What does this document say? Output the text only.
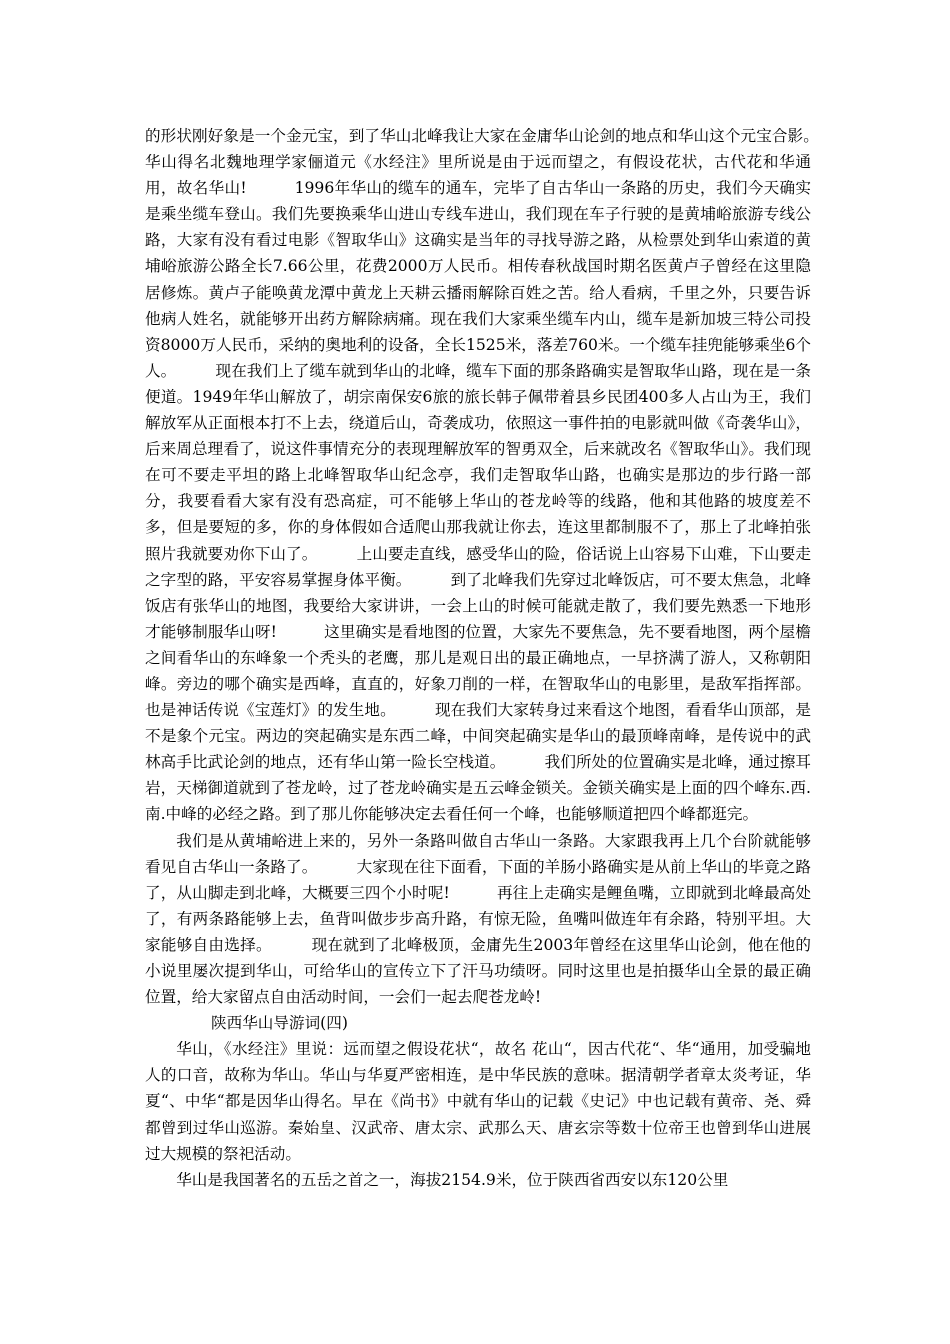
的形状刚好象是一个金元宝，到了华山北峰我让大家在金庸华山论剑的地点和华山这个元宝合影。　　　华山得名北魏地理学家俪道元《水经注》里所说是由于远而望之，有假设花状，古代花和华通用，故名华山!　　　1996年华山的缆车的通车，完毕了自古华山一条路的历史，我们今天确实是乘坐缆车登山。我们先要换乘华山进山专线车进山，我们现在车子行驶的是黄埔峪旅游专线公路，大家有没有看过电影《智取华山》这确实是当年的寻找导游之路，从检票处到华山索道的黄埔峪旅游公路全长7.66公里，花费2000万人民币。相传春秋战国时期名医黄卢子曾经在这里隐居修炼。黄卢子能唤黄龙潭中黄龙上天耕云播雨解除百姓之苦。给人看病，千里之外，只要告诉他病人姓名，就能够开出药方解除病痛。现在我们大家乘坐缆车内山，缆车是新加坡三特公司投资8000万人民币，采纳的奥地利的设备，全长1525米，落差760米。一个缆车挂兜能够乘坐6个人。　　　现在我们上了缆车就到华山的北峰，缆车下面的那条路确实是智取华山路，现在是一条便道。1949年华山解放了，胡宗南保安6旅的旅长韩子佩带着县乡民团400多人占山为王，我们解放军从正面根本打不上去，绕道后山，奇袭成功，依照这一事件拍的电影就叫做《奇袭华山》，后来周总理看了，说这件事情充分的表现理解放军的智勇双全，后来就改名《智取华山》。我们现在可不要走平坦的路上北峰智取华山纪念亭，我们走智取华山路，也确实是那边的步行路一部分，我要看看大家有没有恐高症，可不能够上华山的苍龙岭等的线路，他和其他路的坡度差不多，但是要短的多，你的身体假如合适爬山那我就让你去，连这里都制服不了，那上了北峰拍张照片我就要劝你下山了。　　　上山要走直线，感受华山的险，俗话说上山容易下山难，下山要走之字型的路，平安容易掌握身体平衡。　　　到了北峰我们先穿过北峰饭店，可不要太焦急，北峰饭店有张华山的地图，我要给大家讲讲，一会上山的时候可能就走散了，我们要先熟悉一下地形才能够制服华山呀!　　　这里确实是看地图的位置，大家先不要焦急，先不要看地图，两个屋檐之间看华山的东峰象一个秃头的老鹰，那儿是观日出的最正确地点，一早挤满了游人，又称朝阳峰。旁边的哪个确实是西峰，直直的，好象刀削的一样，在智取华山的电影里，是敌军指挥部。也是神话传说《宝莲灯》的发生地。　　　现在我们大家转身过来看这个地图，看看华山顶部，是不是象个元宝。两边的突起确实是东西二峰，中间突起确实是华山的最顶峰南峰，是传说中的武林高手比武论剑的地点，还有华山第一险长空栈道。　　　我们所处的位置确实是北峰，通过擦耳岩，天梯御道就到了苍龙岭，过了苍龙岭确实是五云峰金锁关。金锁关确实是上面的四个峰东.西.南.中峰的必经之路。到了那儿你能够决定去看任何一个峰，也能够顺道把四个峰都逛完。

我们是从黄埔峪进上来的，另外一条路叫做自古华山一条路。大家跟我再上几个台阶就能够看见自古华山一条路了。　　　大家现在往下面看，下面的羊肠小路确实是从前上华山的毕竟之路了，从山脚走到北峰，大概要三四个小时呢!　　　再往上走确实是鲤鱼嘴，立即就到北峰最高处了，有两条路能够上去，鱼背叫做步步高升路，有惊无险，鱼嘴叫做连年有余路，特别平坦。大家能够自由选择。　　　现在就到了北峰极顶，金庸先生2003年曾经在这里华山论剑，他在他的小说里屡次提到华山，可给华山的宣传立下了汗马功绩呀。同时这里也是拍摄华山全景的最正确位置，给大家留点自由活动时间，一会们一起去爬苍龙岭!

陕西华山导游词(四)

华山，《水经注》里说：远而望之假设花状“，故名 花山“，因古代花“、华“通用，加受骗地人的口音，故称为华山。华山与华夏严密相连，是中华民族的意味。据清朝学者章太炎考证，华夏“、中华“都是因华山得名。早在《尚书》中就有华山的记载《史记》中也记载有黄帝、尧、舜都曾到过华山巡游。秦始皇、汉武帝、唐太宗、武那么天、唐玄宗等数十位帝王也曾到华山进展过大规模的祭祀活动。

华山是我国著名的五岳之首之一，海拔2154.9米，位于陕西省西安以东120公里
